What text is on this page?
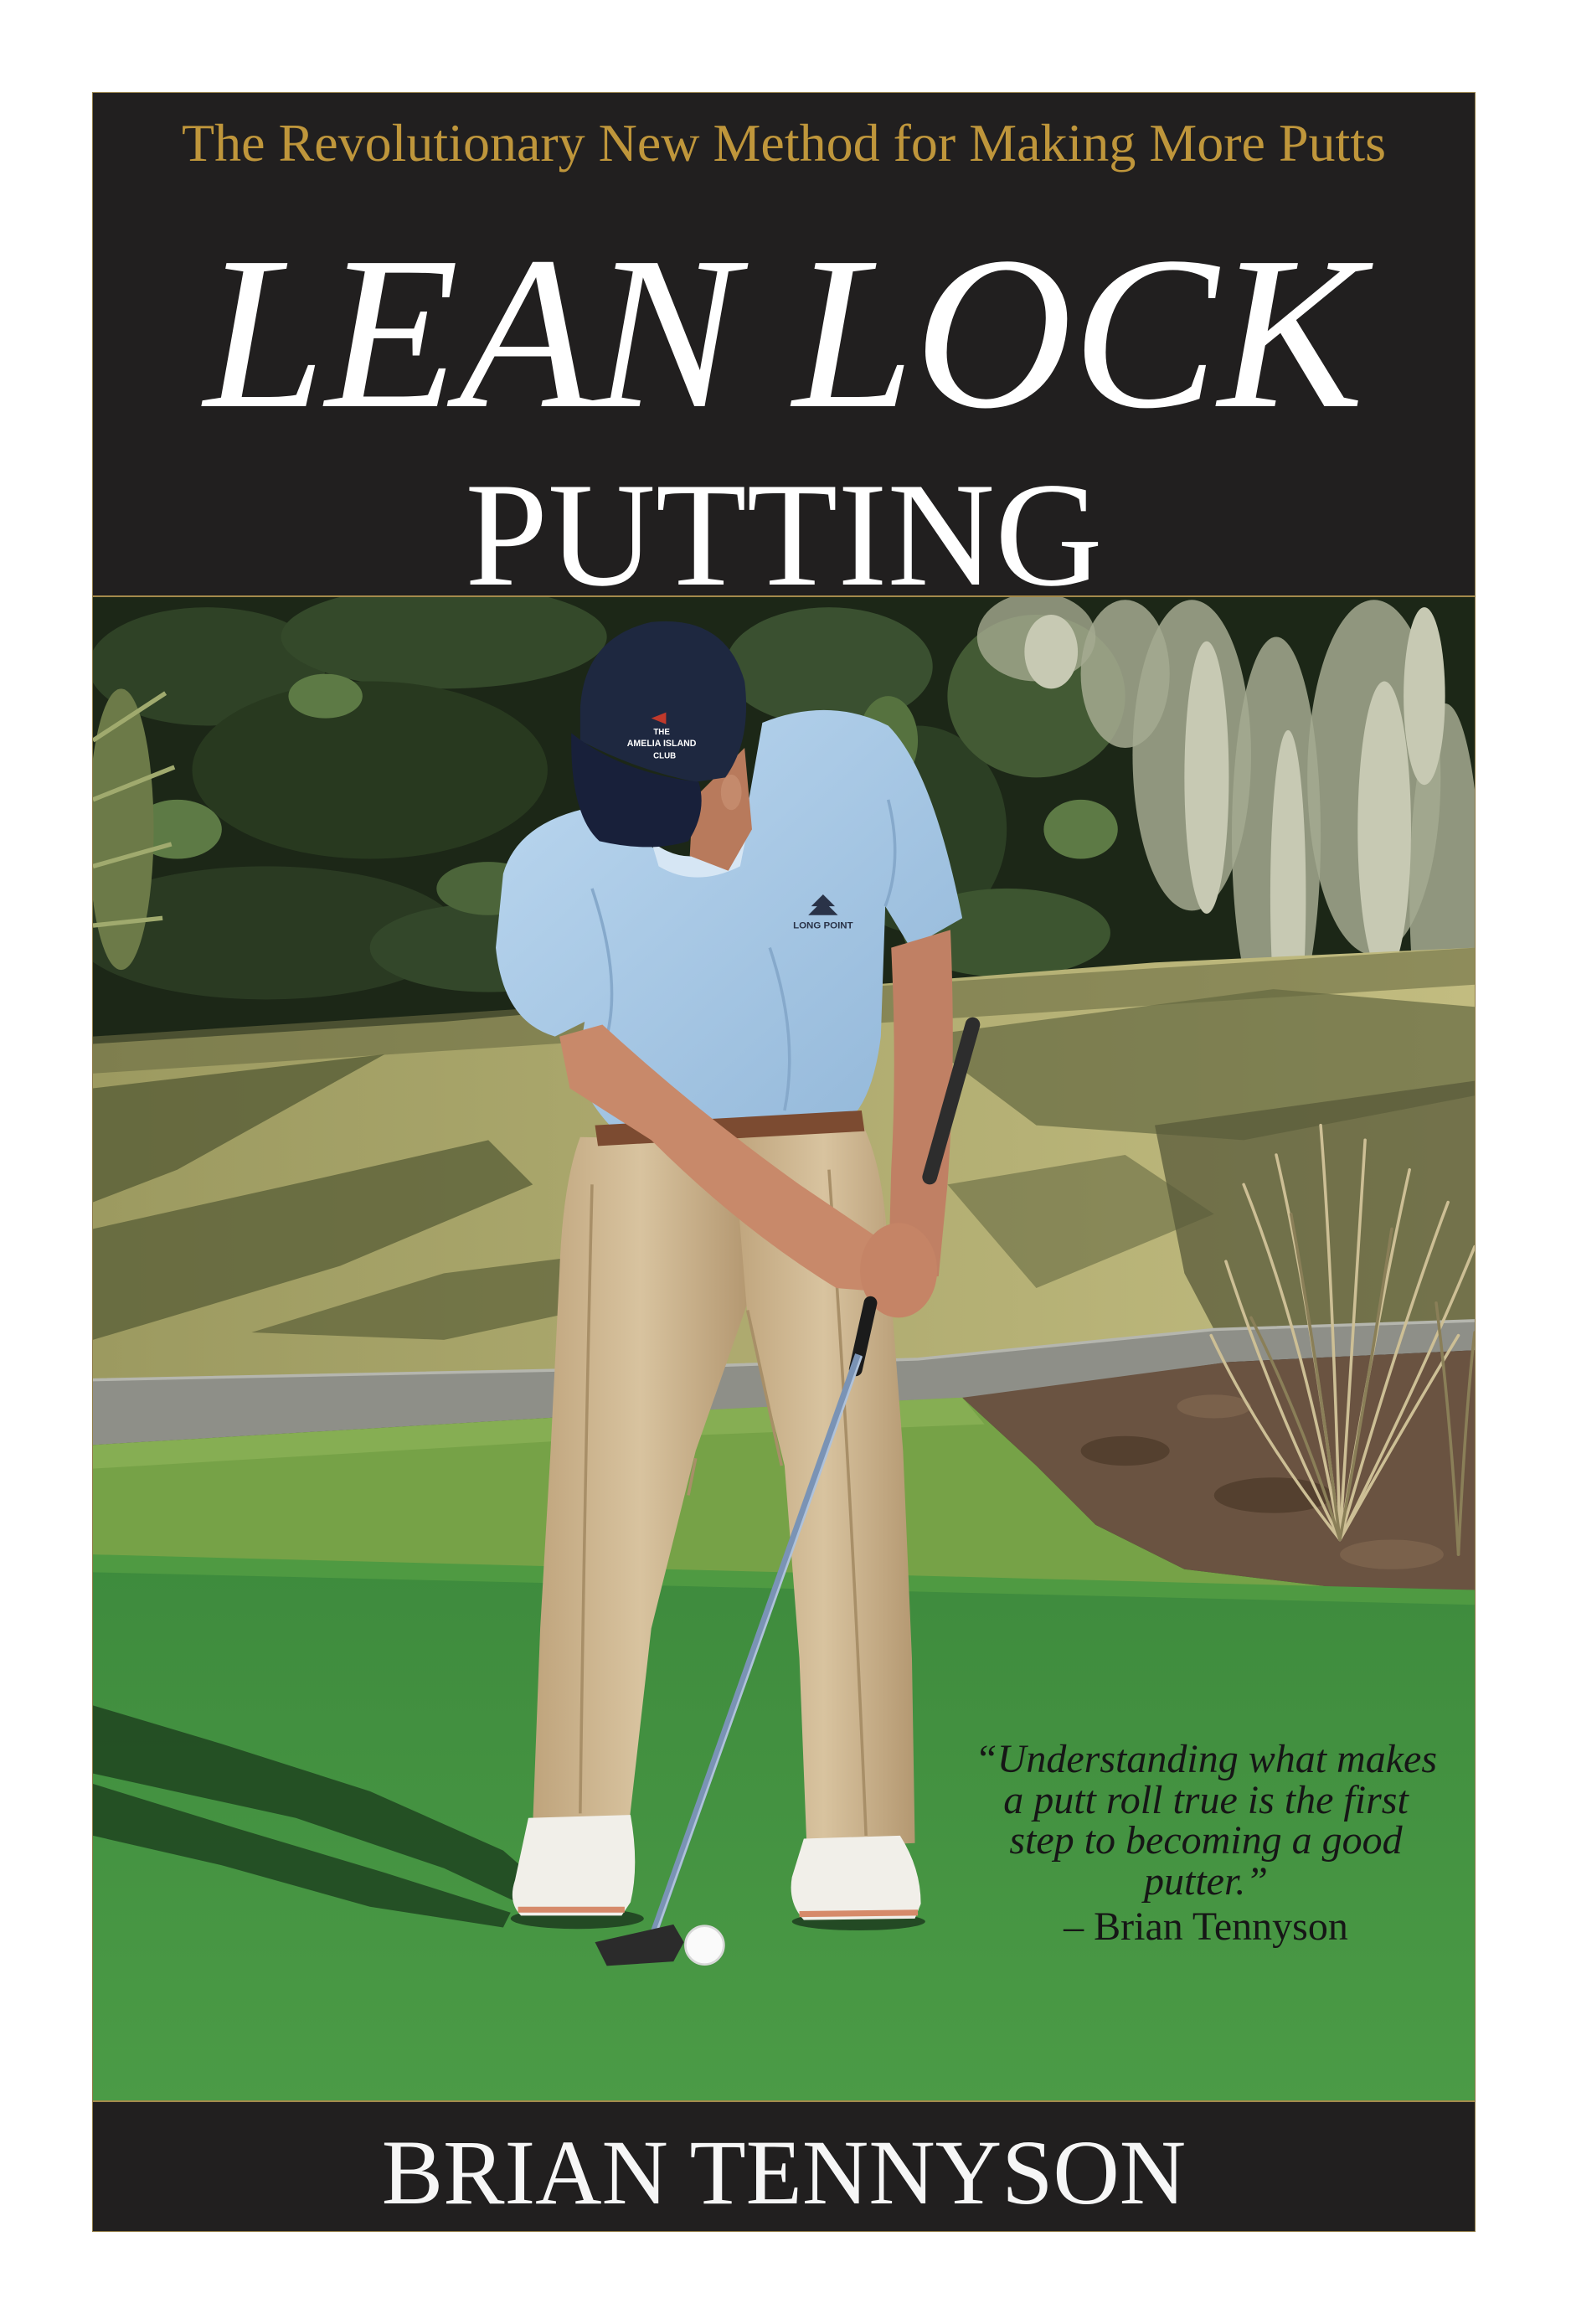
The Revolutionary New Method for Making More Putts
LEAN LOCK
PUTTING
LONG POINT
THE
AMELIA ISLAND
CLUB
“Understanding what makes
a putt roll true is the first
step to becoming a good
putter.”
– Brian Tennyson
BRIAN TENNYSON
